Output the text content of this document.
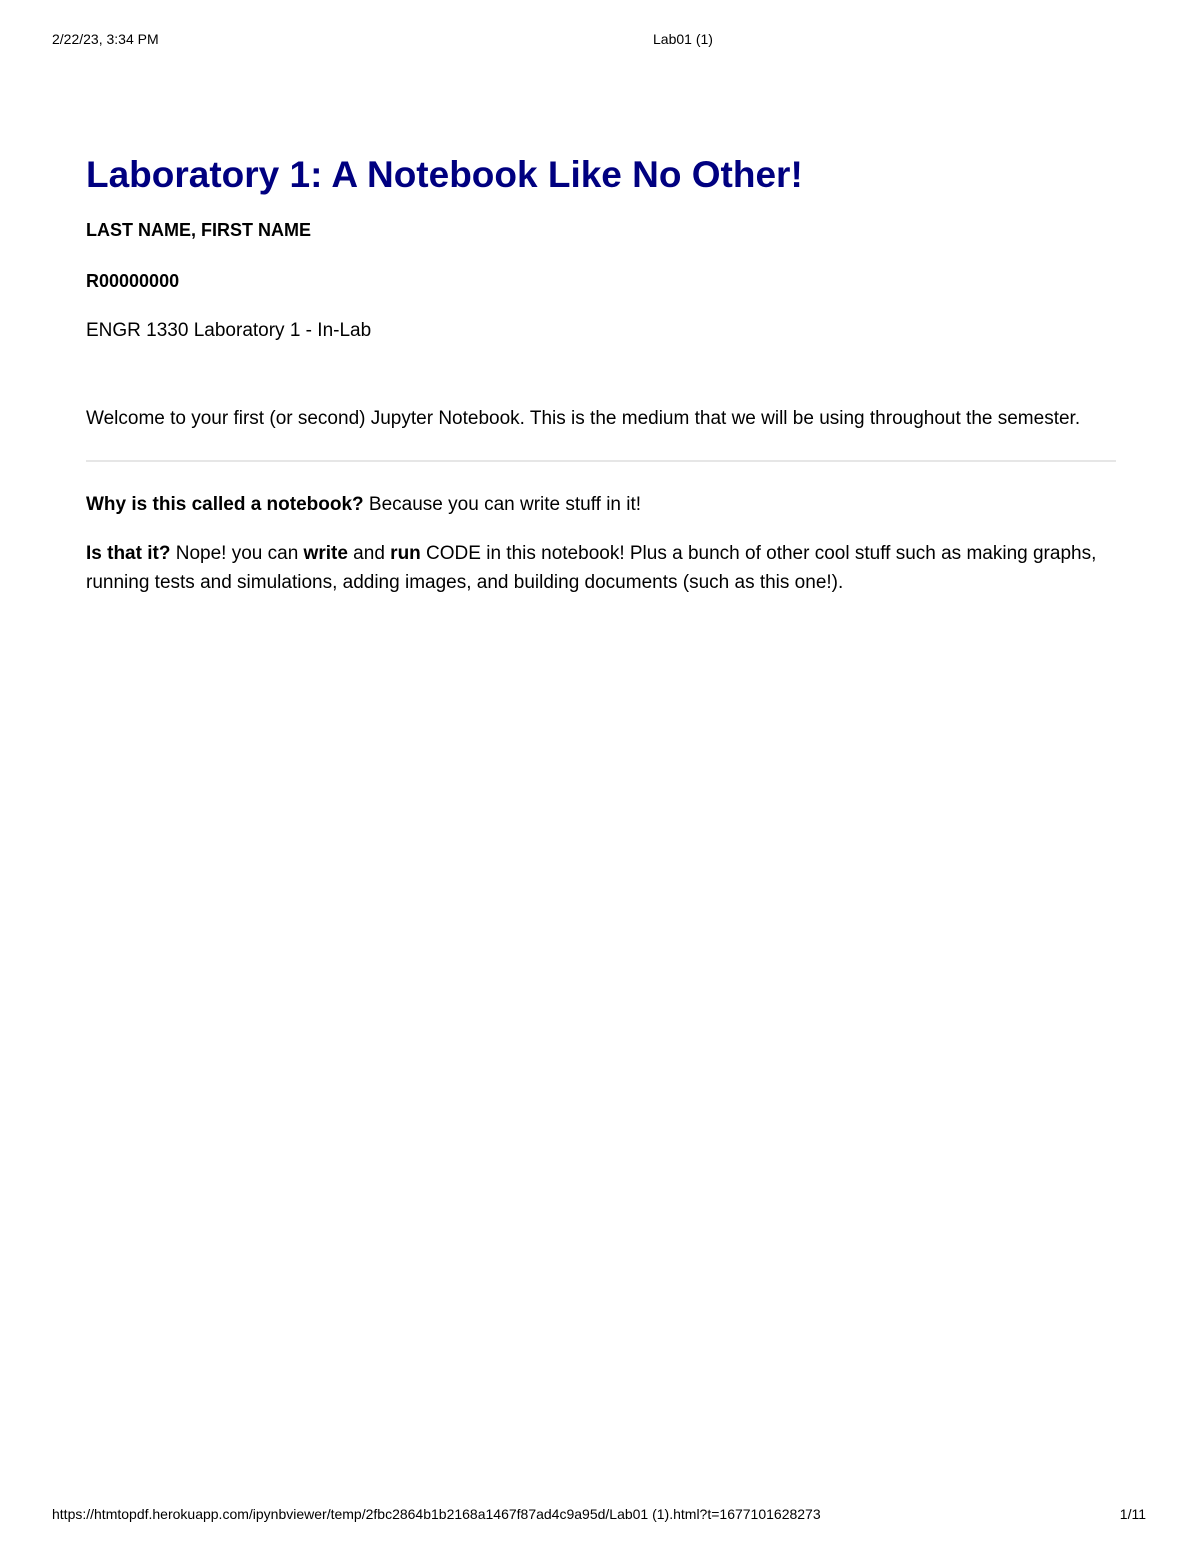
2/22/23, 3:34 PM	Lab01 (1)
Laboratory 1: A Notebook Like No Other!
LAST NAME, FIRST NAME
R00000000
ENGR 1330 Laboratory 1 - In-Lab
Welcome to your first (or second) Jupyter Notebook. This is the medium that we will be using throughout the semester.
Why is this called a notebook? Because you can write stuff in it!
Is that it? Nope! you can write and run CODE in this notebook! Plus a bunch of other cool stuff such as making graphs, running tests and simulations, adding images, and building documents (such as this one!).
https://htmtopdf.herokuapp.com/ipynbviewer/temp/2fbc2864b1b2168a1467f87ad4c9a95d/Lab01 (1).html?t=1677101628273	1/11
